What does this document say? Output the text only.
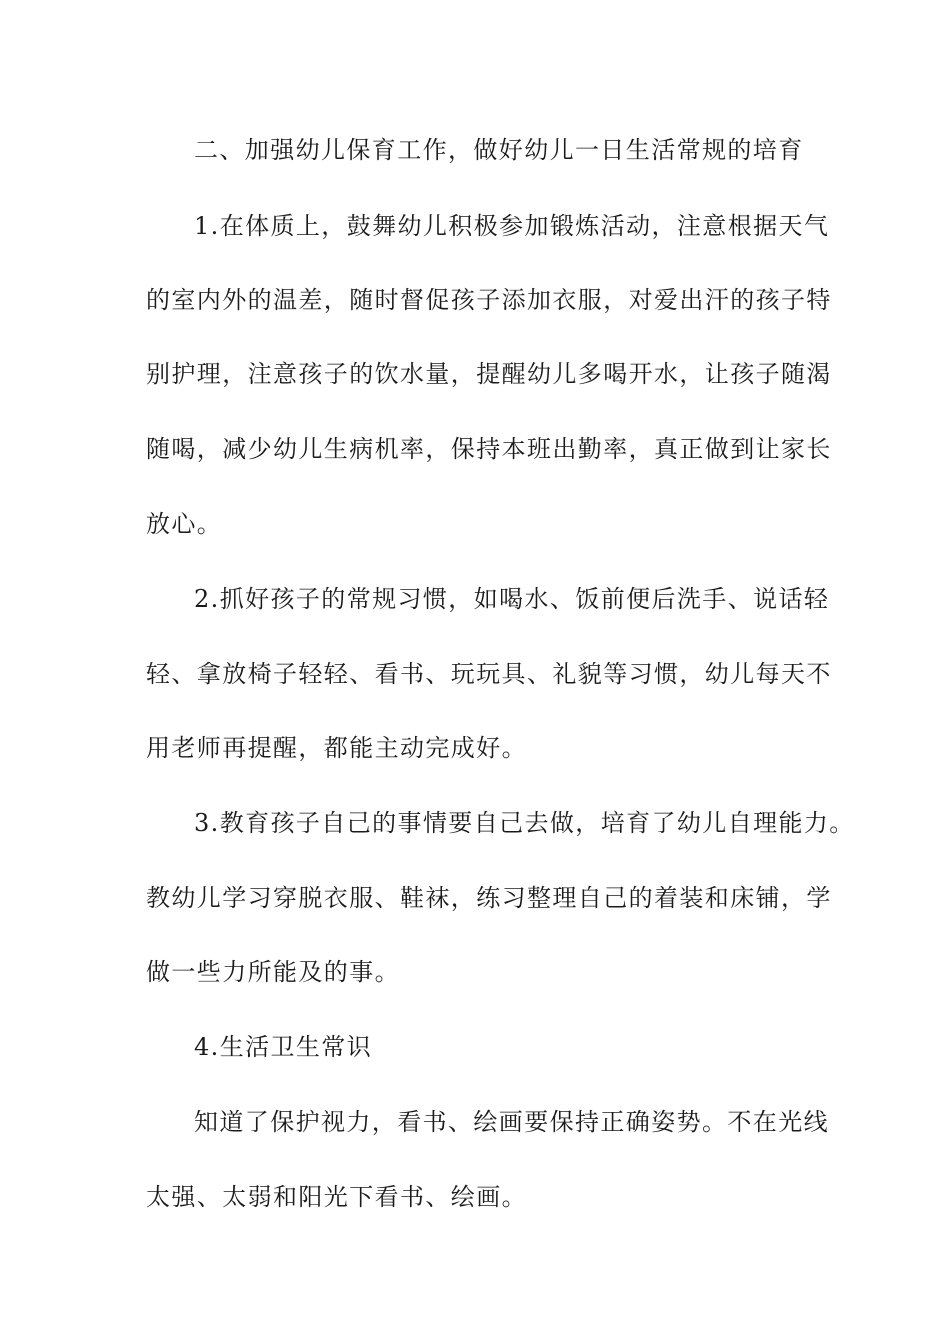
二、加强幼儿保育工作，做好幼儿一日生活常规的培育
1.在体质上，鼓舞幼儿积极参加锻炼活动，注意根据天气
的室内外的温差，随时督促孩子添加衣服，对爱出汗的孩子特
别护理，注意孩子的饮水量，提醒幼儿多喝开水，让孩子随渴
随喝，减少幼儿生病机率，保持本班出勤率，真正做到让家长
放心。
2.抓好孩子的常规习惯，如喝水、饭前便后洗手、说话轻
轻、拿放椅子轻轻、看书、玩玩具、礼貌等习惯，幼儿每天不
用老师再提醒，都能主动完成好。
3.教育孩子自己的事情要自己去做，培育了幼儿自理能力。
教幼儿学习穿脱衣服、鞋袜，练习整理自己的着装和床铺，学
做一些力所能及的事。
4.生活卫生常识
知道了保护视力，看书、绘画要保持正确姿势。不在光线
太强、太弱和阳光下看书、绘画。
